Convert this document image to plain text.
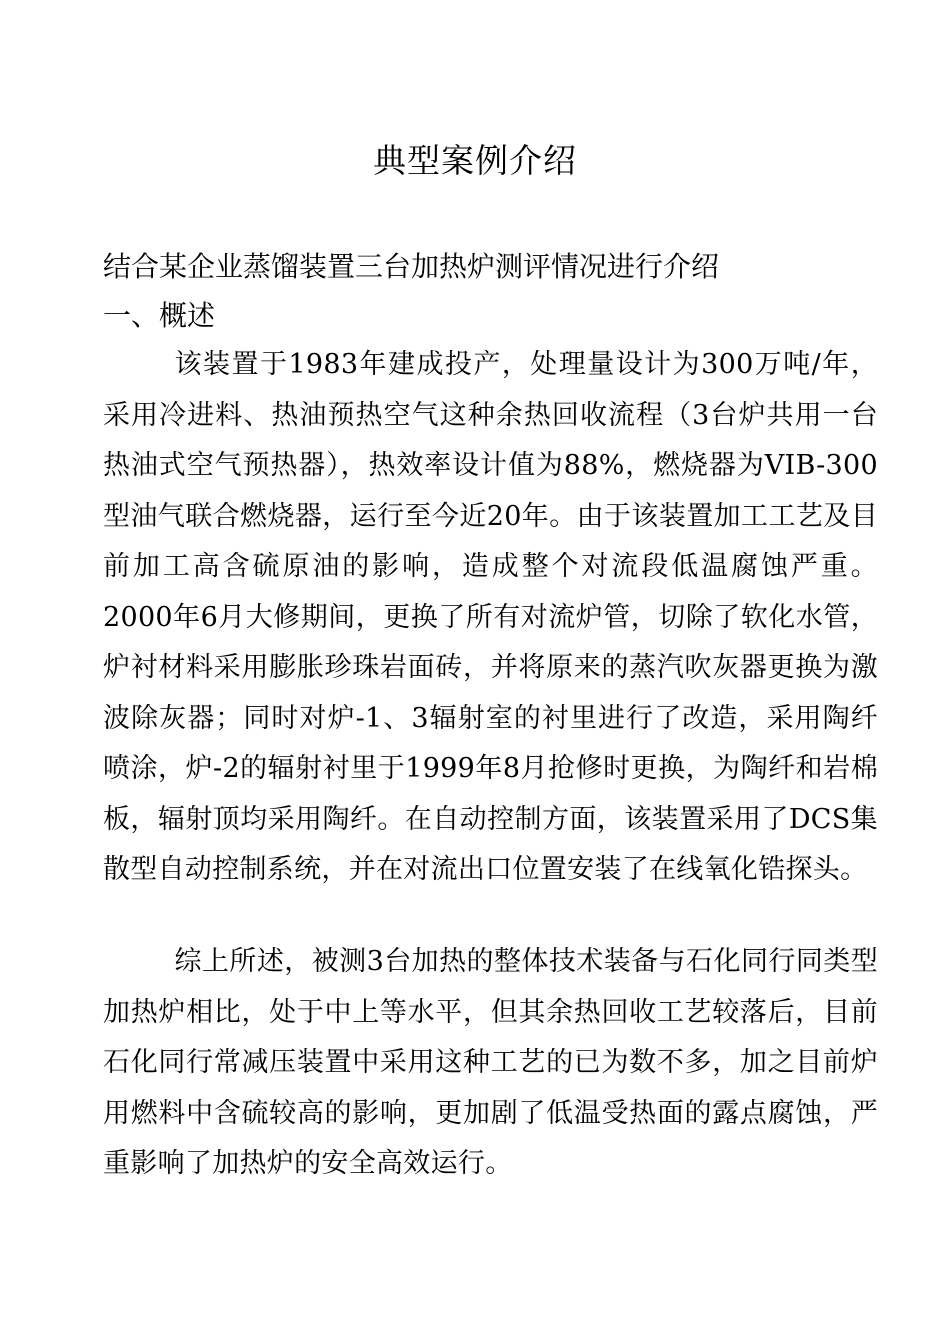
典型案例介绍

结合某企业蒸馏装置三台加热炉测评情况进行介绍

一、概述

该装置于1983年建成投产，处理量设计为300万吨/年，采用冷进料、热油预热空气这种余热回收流程（3台炉共用一台热油式空气预热器），热效率设计值为88%，燃烧器为VIB-300型油气联合燃烧器，运行至今近20年。由于该装置加工工艺及目前加工高含硫原油的影响，造成整个对流段低温腐蚀严重。2000年6月大修期间，更换了所有对流炉管，切除了软化水管，炉衬材料采用膨胀珍珠岩面砖，并将原来的蒸汽吹灰器更换为激波除灰器；同时对炉-1、3辐射室的衬里进行了改造，采用陶纤喷涂，炉-2的辐射衬里于1999年8月抢修时更换，为陶纤和岩棉板，辐射顶均采用陶纤。在自动控制方面，该装置采用了DCS集散型自动控制系统，并在对流出口位置安装了在线氧化锆探头。

综上所述，被测3台加热的整体技术装备与石化同行同类型加热炉相比，处于中上等水平，但其余热回收工艺较落后，目前石化同行常减压装置中采用这种工艺的已为数不多，加之目前炉用燃料中含硫较高的影响，更加剧了低温受热面的露点腐蚀，严重影响了加热炉的安全高效运行。
